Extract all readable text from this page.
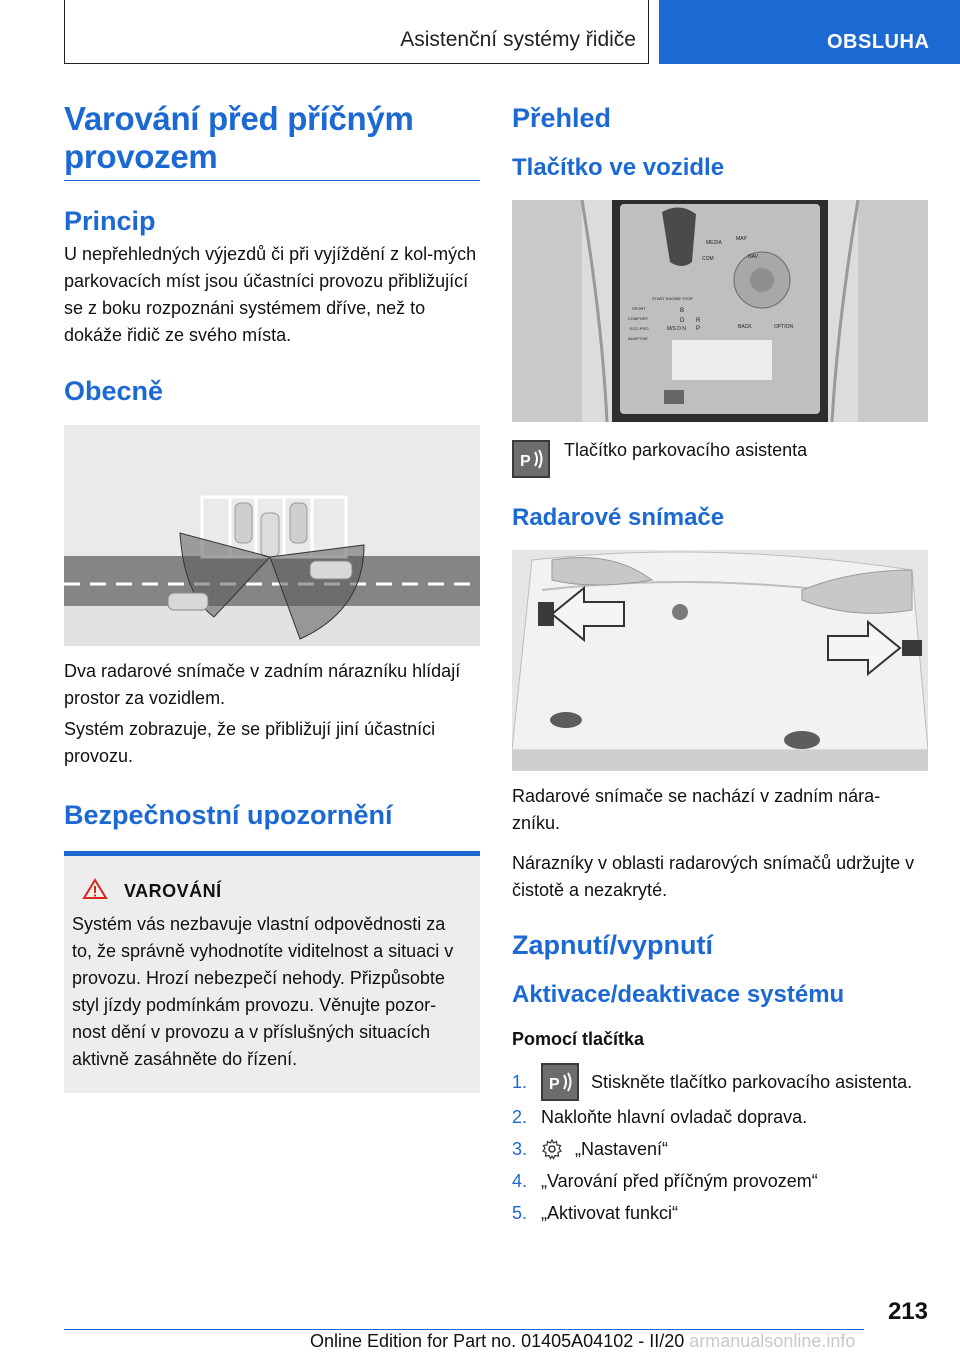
Asistenční systémy řidiče	OBSLUHA
Varování před příčným provozem
Princip

U nepřehledných výjezdů či při vyjíždění z kol‐mých parkovacích míst jsou účastníci provozu přibližující se z boku rozpoznáni systémem dříve, než to dokáže řidič ze svého místa.

Obecně

Dva radarové snímače v zadním nárazníku hlídají prostor za vozidlem.

Systém zobrazuje, že se přibližují jiní účastníci provozu.

Bezpečnostní upozornění
VAROVÁNÍ

Systém vás nezbavuje vlastní odpovědnosti za to, že správně vyhodnotíte viditelnost a situaci v provozu. Hrozí nebezpečí nehody. Přizpůsobte styl jízdy podmínkám provozu. Věnujte pozor‐nost dění v provozu a v příslušných situacích aktivně zasáhněte do řízení.

Přehled
Tlačítko ve vozidle
MEDIA
MAP
COM	NAV
BACK	OPTION
SPORT
COMFORT
ECO PRO
ADAPTIVE
START ENGINE STOP
B
D
M/S D N
R
P
P

Tlačítko parkovacího asistenta

Radarové snímače

Radarové snímače se nachází v zadním nára‐zníku.

Nárazníky v oblasti radarových snímačů udržujte v čistotě a nezakryté.

Zapnutí/vypnutí
Aktivace/deaktivace systému

Pomocí tlačítka

1.	P Stiskněte tlačítko parkovacího asistenta.
2. Nakloňte hlavní ovladač doprava.
3.	„Nastavení“
4. „Varování před příčným provozem“
5. „Aktivovat funkci“
213
Online Edition for Part no. 01405A04102 - II/20 armanualsonline.info
